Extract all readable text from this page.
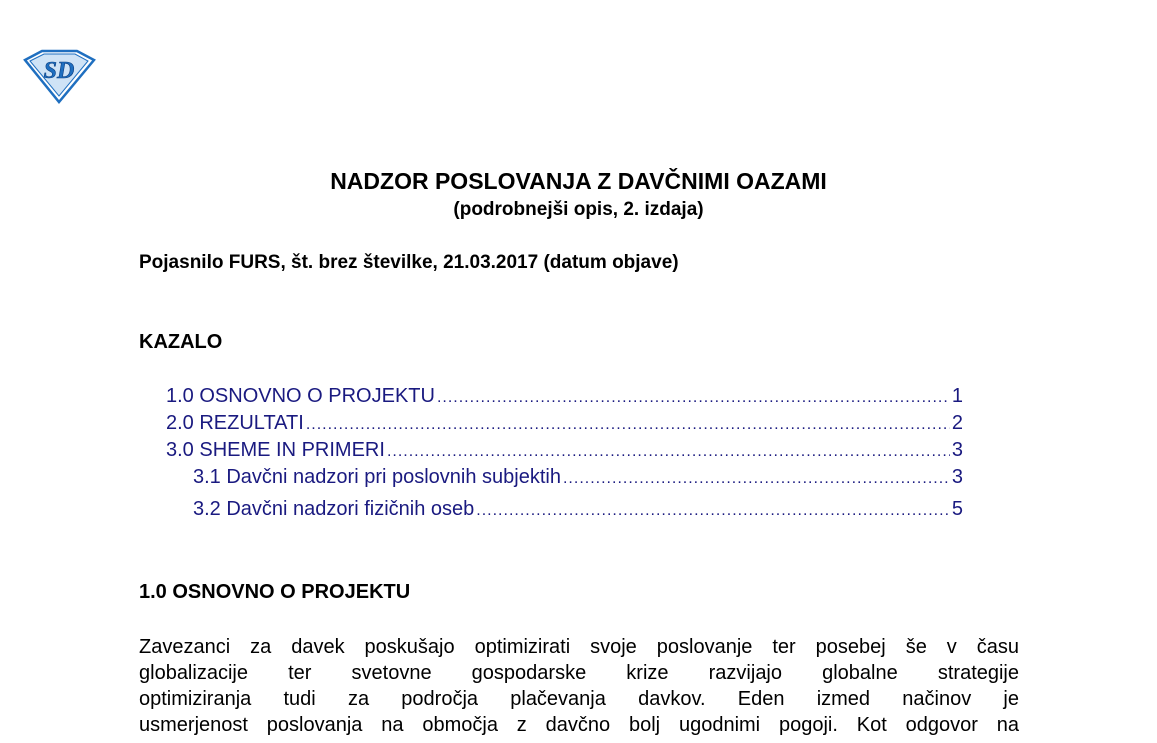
SD
NADZOR POSLOVANJA Z DAVČNIMI OAZAMI

(podrobnejši opis, 2. izdaja)

Pojasnilo FURS, št. brez številke, 21.03.2017 (datum objave)

KAZALO
1.0 OSNOVNO O PROJEKTU .....	1
2.0 REZULTATI .....	2
3.0 SHEME IN PRIMERI .....	3
3.1 Davčni nadzori pri poslovnih subjektih .....	3
3.2 Davčni nadzori fizičnih oseb .....	5
1.0 OSNOVNO O PROJEKTU
Zavezanci za davek poskušajo optimizirati svoje poslovanje ter posebej še v času
globalizacije ter svetovne gospodarske krize razvijajo globalne strategije
optimiziranja tudi za področja plačevanja davkov. Eden izmed načinov je
usmerjenost poslovanja na območja z davčno bolj ugodnimi pogoji. Kot odgovor na
